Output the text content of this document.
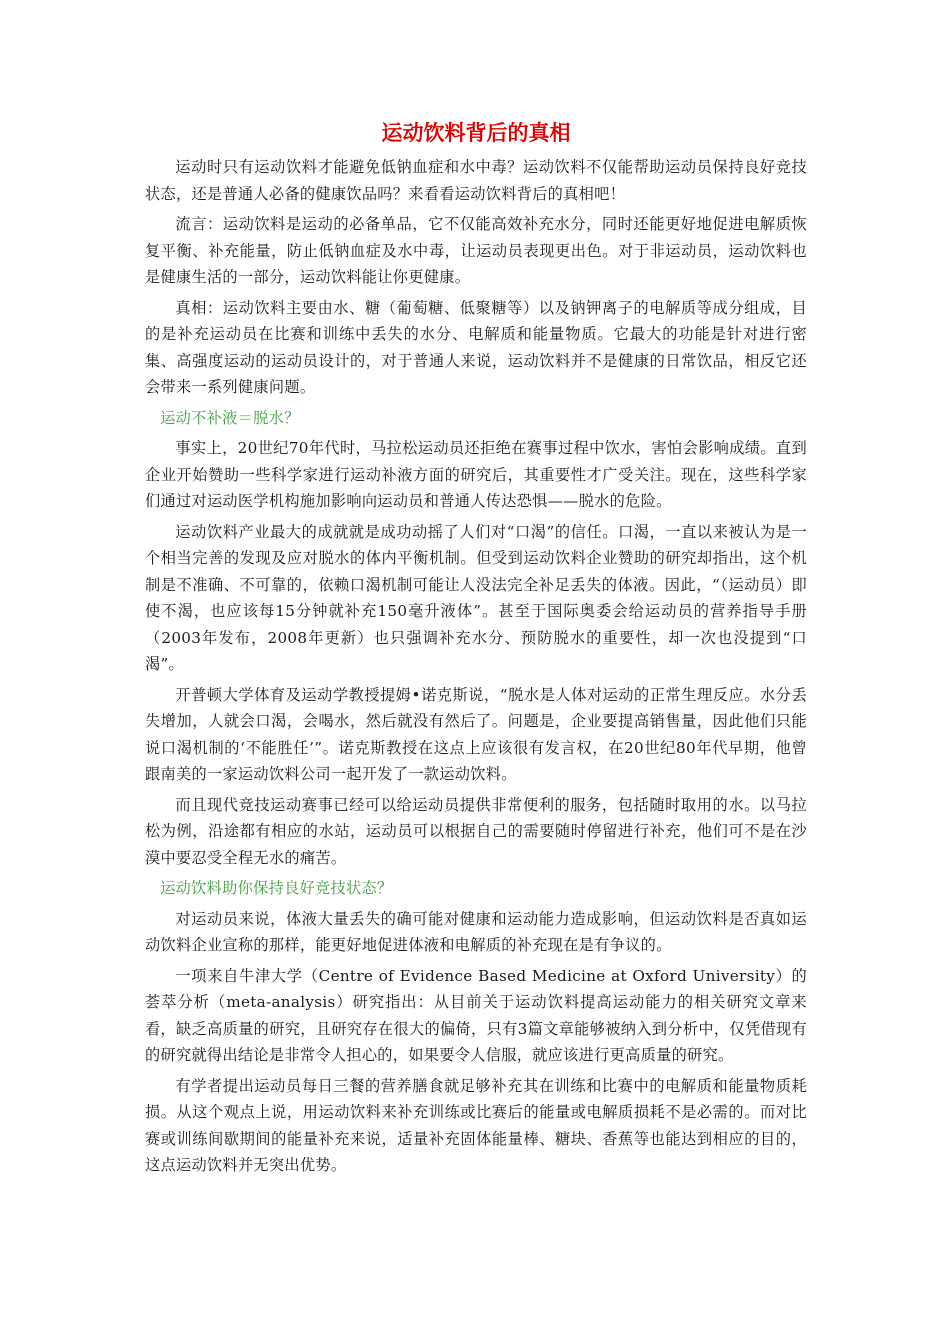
运动饮料背后的真相

运动时只有运动饮料才能避免低钠血症和水中毒？运动饮料不仅能帮助运动员保持良好竞技状态，还是普通人必备的健康饮品吗？来看看运动饮料背后的真相吧！

流言：运动饮料是运动的必备单品，它不仅能高效补充水分，同时还能更好地促进电解质恢复平衡、补充能量，防止低钠血症及水中毒，让运动员表现更出色。对于非运动员，运动饮料也是健康生活的一部分，运动饮料能让你更健康。

真相：运动饮料主要由水、糖（葡萄糖、低聚糖等）以及钠钾离子的电解质等成分组成，目的是补充运动员在比赛和训练中丢失的水分、电解质和能量物质。它最大的功能是针对进行密集、高强度运动的运动员设计的，对于普通人来说，运动饮料并不是健康的日常饮品，相反它还会带来一系列健康问题。

运动不补液＝脱水？

事实上，20世纪70年代时，马拉松运动员还拒绝在赛事过程中饮水，害怕会影响成绩。直到企业开始赞助一些科学家进行运动补液方面的研究后，其重要性才广受关注。现在，这些科学家们通过对运动医学机构施加影响向运动员和普通人传达恐惧——脱水的危险。

运动饮料产业最大的成就就是成功动摇了人们对“口渴”的信任。口渴，一直以来被认为是一个相当完善的发现及应对脱水的体内平衡机制。但受到运动饮料企业赞助的研究却指出，这个机制是不准确、不可靠的，依赖口渴机制可能让人没法完全补足丢失的体液。因此，“（运动员）即使不渴，也应该每15分钟就补充150毫升液体”。甚至于国际奥委会给运动员的营养指导手册（2003年发布，2008年更新）也只强调补充水分、预防脱水的重要性，却一次也没提到“口渴”。

开普顿大学体育及运动学教授提姆•诺克斯说，“脱水是人体对运动的正常生理反应。水分丢失增加，人就会口渴，会喝水，然后就没有然后了。问题是，企业要提高销售量，因此他们只能说口渴机制的‘不能胜任’”。诺克斯教授在这点上应该很有发言权，在20世纪80年代早期，他曾跟南美的一家运动饮料公司一起开发了一款运动饮料。

而且现代竞技运动赛事已经可以给运动员提供非常便利的服务，包括随时取用的水。以马拉松为例，沿途都有相应的水站，运动员可以根据自己的需要随时停留进行补充，他们可不是在沙漠中要忍受全程无水的痛苦。

运动饮料助你保持良好竞技状态？

对运动员来说，体液大量丢失的确可能对健康和运动能力造成影响，但运动饮料是否真如运动饮料企业宣称的那样，能更好地促进体液和电解质的补充现在是有争议的。

一项来自牛津大学（Centre of Evidence Based Medicine at Oxford University）的荟萃分析（meta-analysis）研究指出：从目前关于运动饮料提高运动能力的相关研究文章来看，缺乏高质量的研究，且研究存在很大的偏倚，只有3篇文章能够被纳入到分析中，仅凭借现有的研究就得出结论是非常令人担心的，如果要令人信服，就应该进行更高质量的研究。

有学者提出运动员每日三餐的营养膳食就足够补充其在训练和比赛中的电解质和能量物质耗损。从这个观点上说，用运动饮料来补充训练或比赛后的能量或电解质损耗不是必需的。而对比赛或训练间歇期间的能量补充来说，适量补充固体能量棒、糖块、香蕉等也能达到相应的目的，这点运动饮料并无突出优势。
